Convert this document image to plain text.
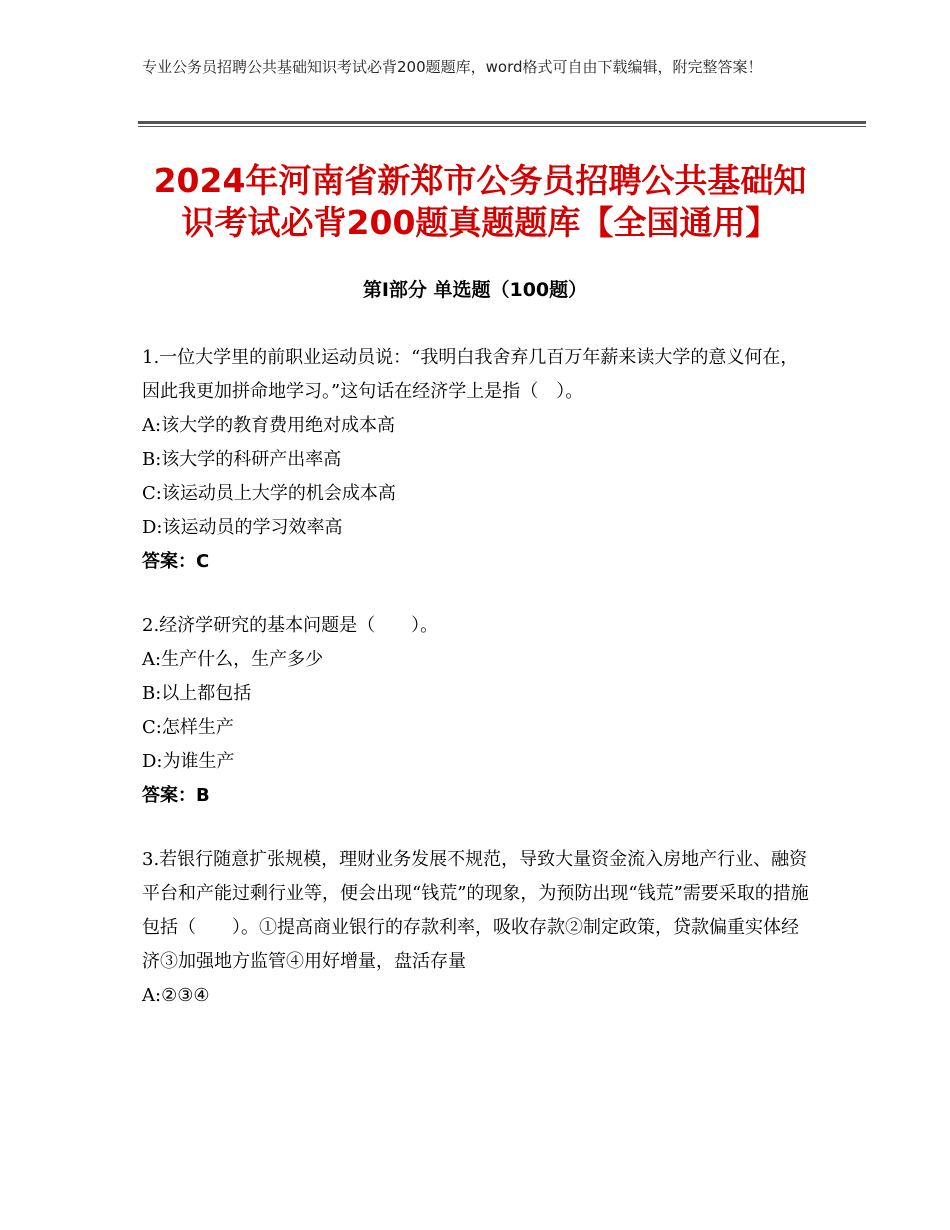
专业公务员招聘公共基础知识考试必背200题题库，word格式可自由下载编辑，附完整答案！
2024年河南省新郑市公务员招聘公共基础知识考试必背200题真题题库【全国通用】
第I部分 单选题（100题）

1.一位大学里的前职业运动员说：“我明白我舍弃几百万年薪来读大学的意义何在，因此我更加拼命地学习。”这句话在经济学上是指（　）。

A:该大学的教育费用绝对成本高

B:该大学的科研产出率高

C:该运动员上大学的机会成本高

D:该运动员的学习效率高

答案：C

2.经济学研究的基本问题是（　　）。

A:生产什么，生产多少

B:以上都包括

C:怎样生产

D:为谁生产

答案：B

3.若银行随意扩张规模，理财业务发展不规范，导致大量资金流入房地产行业、融资平台和产能过剩行业等，便会出现“钱荒”的现象，为预防出现“钱荒”需要采取的措施包括（　　）。①提高商业银行的存款利率，吸收存款②制定政策，贷款偏重实体经济③加强地方监管④用好增量，盘活存量

A:②③④
